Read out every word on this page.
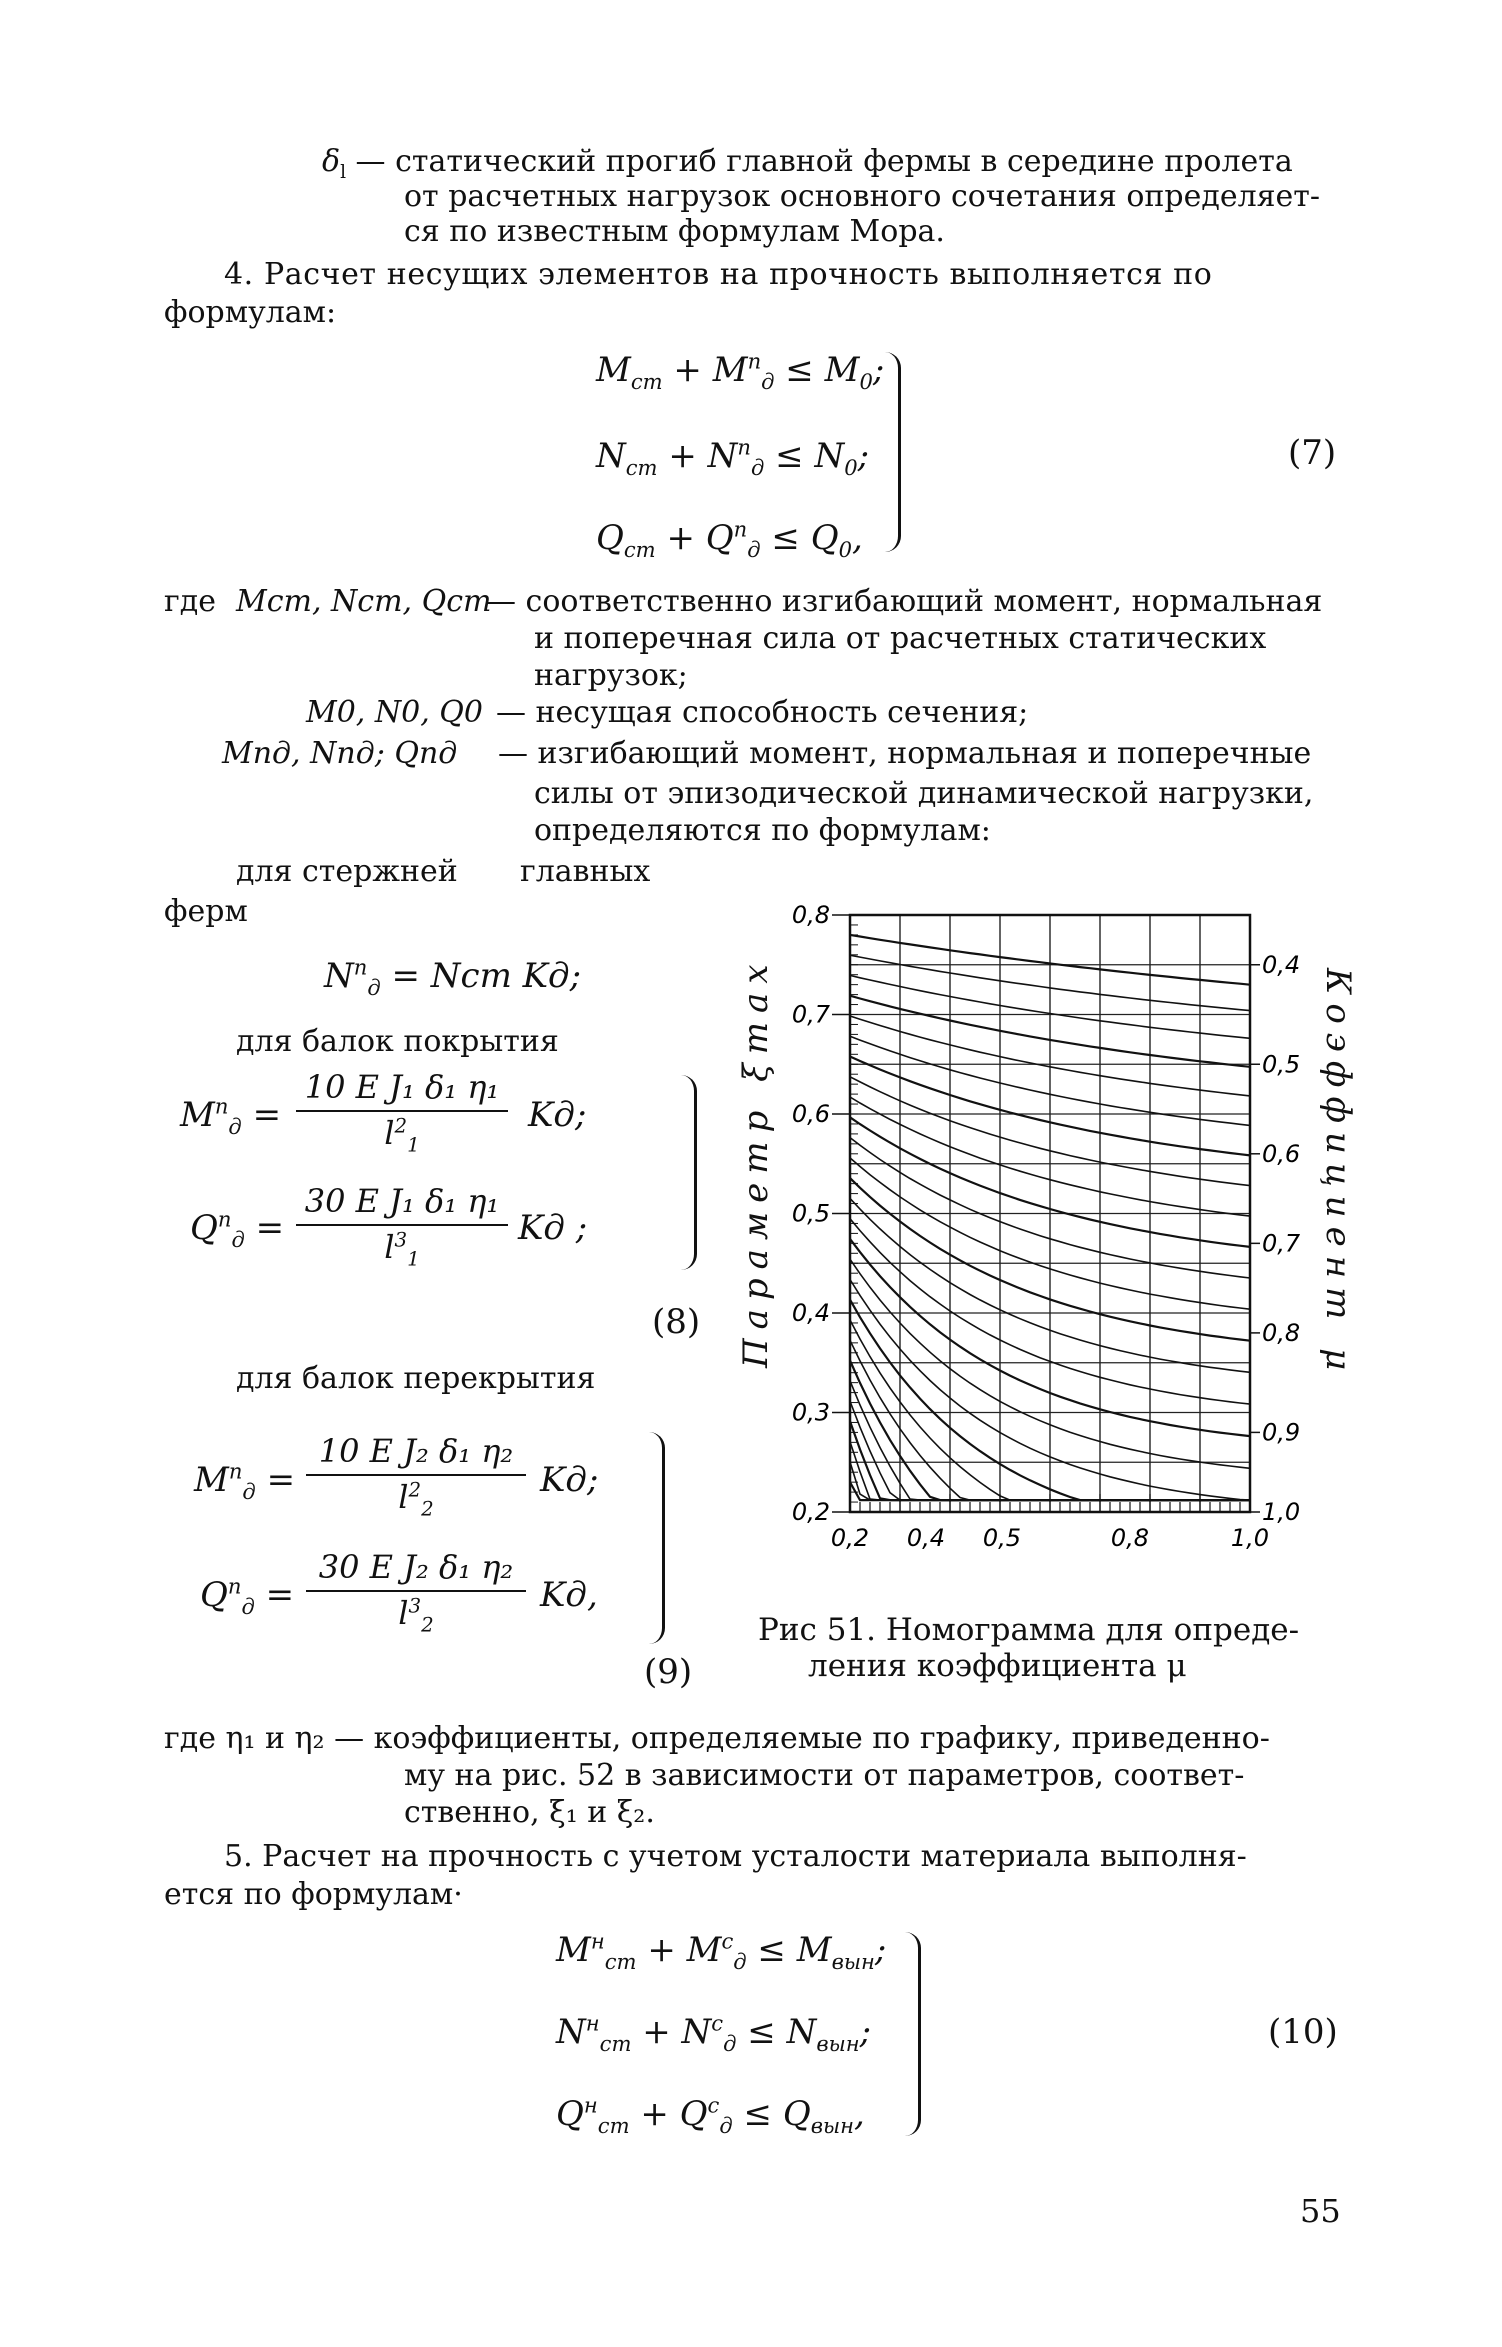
$\delta_l$ — статический прогиб главной фермы в середине пролета
от расчетных нагрузок основного сочетания определяет-
ся по известным формулам Мора.
4. Расчет несущих элементов на прочность выполняется по
формулам:
$M_{ст} + M^п_д \le M_0$;
$N_{ст} + N^п_д \le N_0$;
$Q_{ст} + Q^п_д \le Q_0$,
(7)
где Mст, Nст, Qст
— соответственно изгибающий момент, нормальная
и поперечная сила от расчетных статических
нагрузок;
M0, N0, Q0 — несущая способность сечения;
Mпд, Nпд; Qпд — изгибающий момент, нормальная и поперечные
силы от эпизодической динамической нагрузки,
определяются по формулам:
для стержней главных
ферм
$N^п_д$ = Nст Kд;
для балок покрытия
$M^п_д$ =
10 E J₁ δ₁ η₁
$l^2_1$
Kд;
$Q^п_д$ =
30 E J₁ δ₁ η₁
$l^3_1$
Kд ;
(8)
для балок перекрытия
$M^п_д$ =
10 E J₂ δ₁ η₂
$l^2_2$
Kд;
$Q^п_д$ =
30 E J₂ δ₁ η₂
$l^3_2$
Kд,
(9)
0,8
0,7
0,6
0,5
0,4
0,3
0,2
0,2 0,4 0,5	0,8	1,0
0,4
0,5
0,6
0,7
0,8
0,9
1,0
Параметр ξmax	Коэффициент μ
Рис 51. Номограмма для опреде-
ления коэффициента μ
где η₁ и η₂ — коэффициенты, определяемые по графику, приведенно-
му на рис. 52 в зависимости от параметров, соответ-
ственно, ξ₁ и ξ₂.
5. Расчет на прочность с учетом усталости материала выполня-
ется по формулам·
$M^н_{ст} + M^с_д \le M_{вын}$;
$N^н_{ст} + N^с_д \le N_{вын}$;
$Q^н_{ст} + Q^с_д \le Q_{вын}$,
(10)
55
